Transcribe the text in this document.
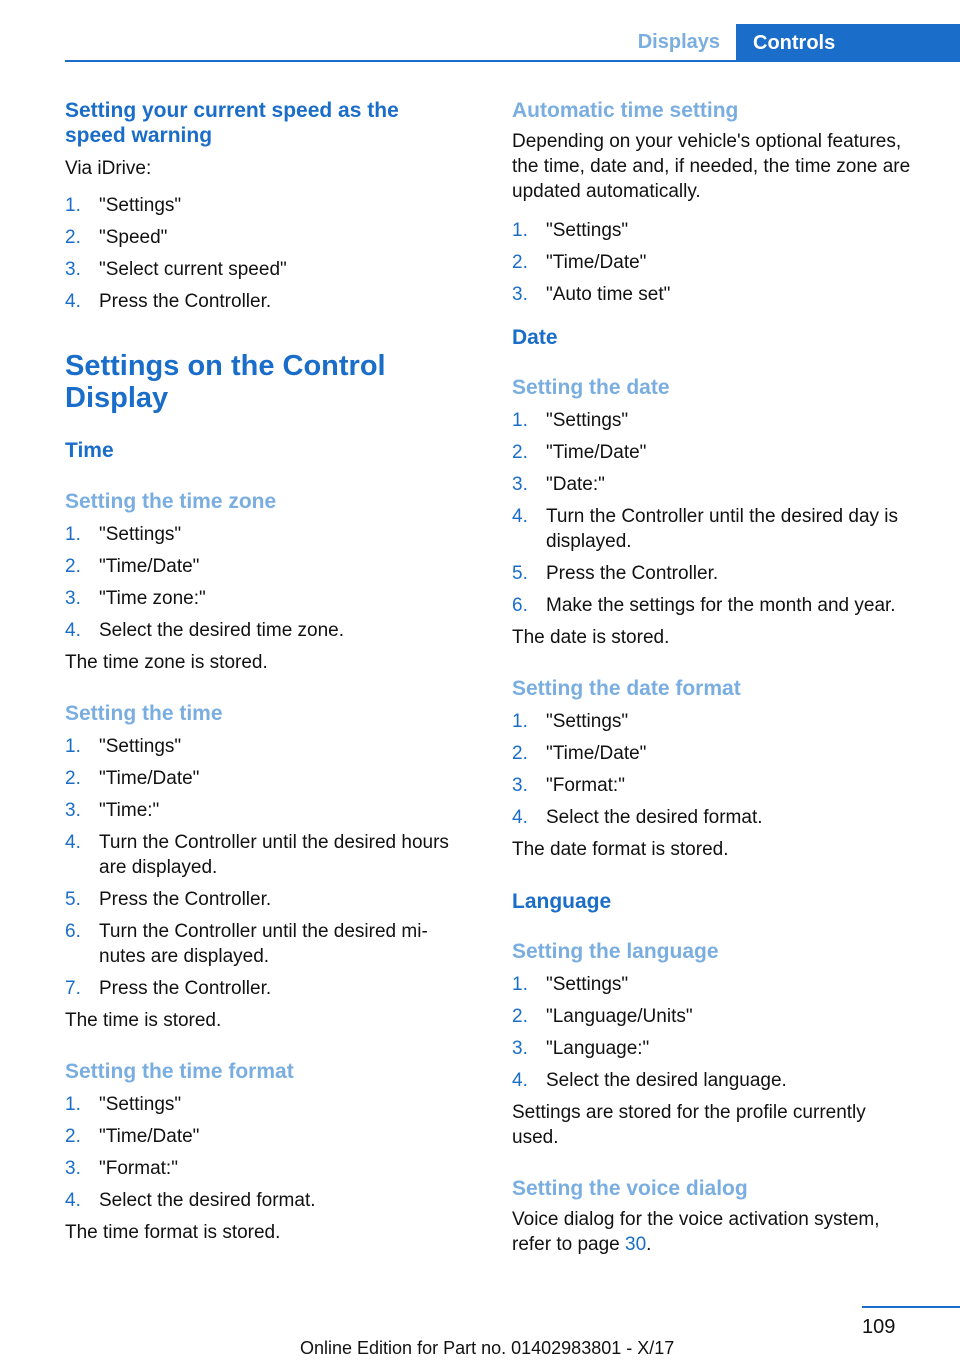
Displays	Controls
Setting your current speed as the speed warning
Via iDrive:
1. "Settings"
2. "Speed"
3. "Select current speed"
4. Press the Controller.
Settings on the Control Display
Time
Setting the time zone
1. "Settings"
2. "Time/Date"
3. "Time zone:"
4. Select the desired time zone.
The time zone is stored.
Setting the time
1. "Settings"
2. "Time/Date"
3. "Time:"
4. Turn the Controller until the desired hours are displayed.
5. Press the Controller.
6. Turn the Controller until the desired mi‐ nutes are displayed.
7. Press the Controller.
The time is stored.
Setting the time format
1. "Settings"
2. "Time/Date"
3. "Format:"
4. Select the desired format.
The time format is stored.
Automatic time setting
Depending on your vehicle's optional features, the time, date and, if needed, the time zone are updated automatically.
1. "Settings"
2. "Time/Date"
3. "Auto time set"
Date
Setting the date
1. "Settings"
2. "Time/Date"
3. "Date:"
4. Turn the Controller until the desired day is displayed.
5. Press the Controller.
6. Make the settings for the month and year.
The date is stored.
Setting the date format
1. "Settings"
2. "Time/Date"
3. "Format:"
4. Select the desired format.
The date format is stored.
Language
Setting the language
1. "Settings"
2. "Language/Units"
3. "Language:"
4. Select the desired language.
Settings are stored for the profile currently used.
Setting the voice dialog
Voice dialog for the voice activation system, refer to page 30.
109
Online Edition for Part no. 01402983801 - X/17
